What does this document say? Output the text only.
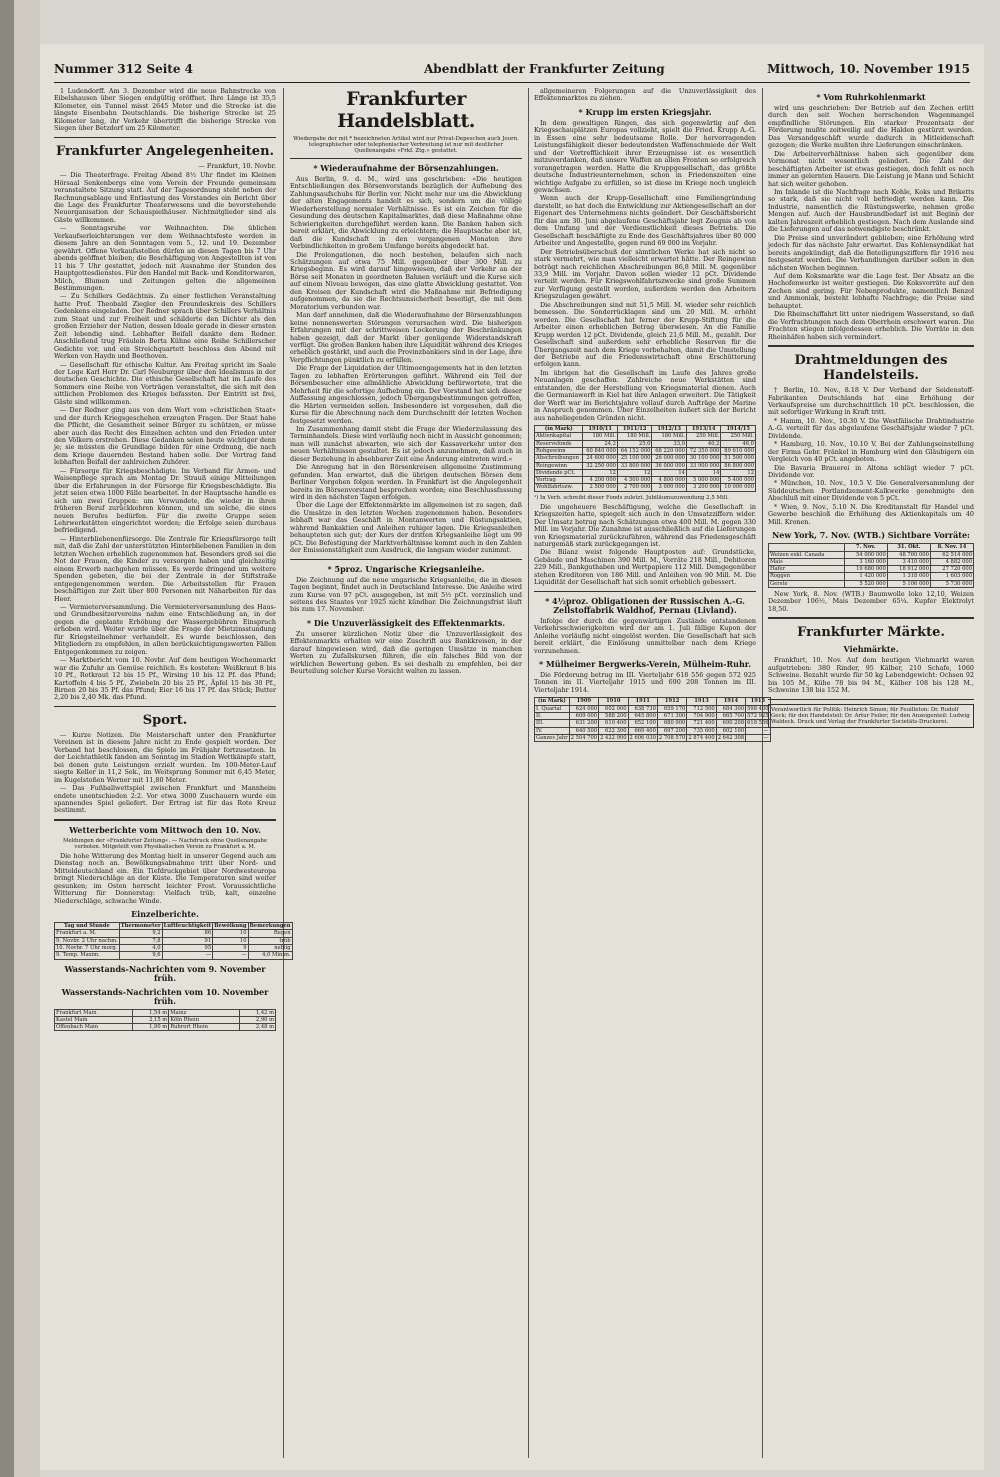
Nummer 312 Seite 4	Abendblatt der Frankfurter Zeitung	Mittwoch, 10. November 1915

1 Ludendorff. Am 3. Dezember wird die neue Bahnstrecke von Eibelshausen über Siegen endgültig eröffnet. Ihre Länge ist 35,5 Kilometer, ein Tunnel misst 2645 Meter und die Strecke ist die längste Eisenbahn Deutschlands. Die bisherige Strecke ist 25 Kilometer lang, ihr Verkehr übertrifft die bisherige Strecke von Siegen über Betzdorf um 25 Kilometer.

Frankfurter Angelegenheiten.
— Frankfurt, 10. Novbr.

— Die Theaterfrage. Freitag Abend 8½ Uhr findet im Kleinen Hörsaal Senkenbergs eine vom Verein der Freunde gemeinsam veranstaltete Sitzung statt. Auf der Tagesordnung steht neben der Rechnungsablage und Entlastung des Vorstandes ein Bericht über die Lage des Frankfurter Theaterwesens und die bevorstehende Neuorganisation der Schauspielhäuser. Nichtmitglieder sind als Gäste willkommen.

— Sonntagsruhe vor Weihnachten. Die üblichen Verkaufserleichterungen vor dem Weihnachtsfeste werden in diesem Jahre an den Sonntagen vom 5., 12. und 19. Dezember gewährt. Offene Verkaufsstellen dürfen an diesen Tagen bis 7 Uhr abends geöffnet bleiben; die Beschäftigung von Angestellten ist von 11 bis 7 Uhr gestattet, jedoch mit Ausnahme der Stunden des Hauptgottesdienstes. Für den Handel mit Back- und Konditorwaren, Milch, Blumen und Zeitungen gelten die allgemeinen Bestimmungen.

— Zu Schillers Gedächtnis. Zu einer festlichen Veranstaltung hatte Prof. Theobald Ziegler den Freundeskreis des Schillers Gedenkens eingeladen. Der Redner sprach über Schillers Verhältnis zum Staat und zur Freiheit und schilderte den Dichter als den großen Erzieher der Nation, dessen Ideale gerade in dieser ernsten Zeit lebendig sind. Lebhafter Beifall dankte dem Redner. Anschließend trug Fräulein Berta Kühne eine Reihe Schillerscher Gedichte vor, und ein Streichquartett beschloss den Abend mit Werken von Haydn und Beethoven.

— Gesellschaft für ethische Kultur. Am Freitag spricht im Saale der Loge Karl Herr Dr. Carl Neuburger über den Idealismus in der deutschen Geschichte. Die ethische Gesellschaft hat im Laufe des Sommers eine Reihe von Vorträgen veranstaltet, die sich mit den sittlichen Problemen des Krieges befassten. Der Eintritt ist frei, Gäste sind willkommen.

— Der Redner ging aus von dem Wort vom »christlichen Staat« und der durch Kriegsgeschehen erzeugten Fragen. Der Staat habe die Pflicht, die Gesamtheit seiner Bürger zu schützen, er müsse aber auch das Recht des Einzelnen achten und den Frieden unter den Völkern erstreben. Diese Gedanken seien heute wichtiger denn je; sie müssten die Grundlage bilden für eine Ordnung, die nach dem Kriege dauernden Bestand haben solle. Der Vortrag fand lebhaften Beifall der zahlreichen Zuhörer.

— Fürsorge für Kriegsbeschädigte. Im Verband für Armen- und Waisenpflege sprach am Montag Dr. Strauß einige Mitteilungen über die Erfahrungen in der Fürsorge für Kriegsbeschädigte. Bis jetzt seien etwa 1000 Fälle bearbeitet. In der Hauptsache handle es sich um zwei Gruppen: um Verwundete, die wieder in ihren früheren Beruf zurückkehren können, und um solche, die eines neuen Berufes bedürfen. Für die zweite Gruppe seien Lehrwerkstätten eingerichtet worden; die Erfolge seien durchaus befriedigend.

— Hinterbliebenenfürsorge. Die Zentrale für Kriegsfürsorge teilt mit, daß die Zahl der unterstützten Hinterbliebenen Familien in den letzten Wochen erheblich zugenommen hat. Besonders groß sei die Not der Frauen, die Kinder zu versorgen haben und gleichzeitig einem Erwerb nachgehen müssen. Es werde dringend um weitere Spenden gebeten, die bei der Zentrale in der Stiftstraße entgegengenommen werden. Die Arbeitsstellen für Frauen beschäftigen zur Zeit über 800 Personen mit Näharbeiten für das Heer.

— Vermieterversammlung. Die Vermieterversammlung des Haus- und Grundbesitzervereins nahm eine Entschließung an, in der gegen die geplante Erhöhung der Wassergebühren Einspruch erhoben wird. Weiter wurde über die Frage der Mietzinsstundung für Kriegsteilnehmer verhandelt. Es wurde beschlossen, den Mitgliedern zu empfehlen, in allen berücksichtigungswerten Fällen Entgegenkommen zu zeigen.

— Marktbericht vom 10. Novbr. Auf dem heutigen Wochenmarkt war die Zufuhr an Gemüse reichlich. Es kosteten: Weißkraut 8 bis 10 Pf., Rotkraut 12 bis 15 Pf., Wirsing 10 bis 12 Pf. das Pfund; Kartoffeln 4 bis 5 Pf., Zwiebeln 20 bis 25 Pf., Äpfel 15 bis 30 Pf., Birnen 20 bis 35 Pf. das Pfund; Eier 16 bis 17 Pf. das Stück; Butter 2,20 bis 2,40 Mk. das Pfund.

Sport.

— Kurze Notizen. Die Meisterschaft unter den Frankfurter Vereinen ist in diesem Jahre nicht zu Ende gespielt worden. Der Verband hat beschlossen, die Spiele im Frühjahr fortzusetzen. In der Leichtathletik fanden am Sonntag im Stadion Wettkämpfe statt, bei denen gute Leistungen erzielt wurden. Im 100-Meter-Lauf siegte Keller in 11,2 Sek., im Weitsprung Sommer mit 6,45 Meter, im Kugelstoßen Werner mit 11,80 Meter.

— Das Fußballwettspiel zwischen Frankfurt und Mannheim endete unentschieden 2:2. Vor etwa 3000 Zuschauern wurde ein spannendes Spiel geliefert. Der Ertrag ist für das Rote Kreuz bestimmt.

Wetterberichte vom Mittwoch den 10. Nov.
Meldungen der »Frankfurter Zeitung«. — Nachdruck ohne Quellenangabe verboten. Mitgeteilt vom Physikalischen Verein zu Frankfurt a. M.

Die hohe Witterung des Montag hielt in unserer Gegend auch am Dienstag noch an. Bewölkungsabnahme tritt über Nord- und Mitteldeutschland ein. Ein Tiefdruckgebiet über Nordwesteuropa bringt Niederschläge an der Küste. Die Temperaturen sind weiter gesunken; im Osten herrscht leichter Frost. Voraussichtliche Witterung für Donnerstag: Vielfach trüb, kalt, einzelne Niederschläge, schwache Winde.

Einzelberichte.
Tag und Stunde	Thermometer	Luftfeuchtigkeit	Bewölkung	Bemerkungen
Frankfurt a. M.	9,2	86	10	Regen
9. Novbr. 2 Uhr nachm.	7,8	91	10	trüb
10. Novbr. 7 Uhr morg.	4,0	95	9	neblig
9. Temp. Maxim.	9,6	—	—	4,0 Minim.
Wasserstands-Nachrichten vom 9. November früh.
Wasserstands-Nachrichten vom 10. November früh.
Frankfurt Main	1,54 m	Mainz	1,42 m
Kastel Main	2,15 m	Köln Rhein	2,90 m
Offenbach Main	1,90 m	Ruhrort Rhein	2,48 m
Frankfurter Handelsblatt.
Wiedergabe der mit * bezeichneten Artikel wird nur Privat-Depeschen auch Journ. telegraphischer oder telephonischer Verbreitung ist nur mit deutlicher Quellenangabe »Frkf. Ztg.« gestattet.
* Wiederaufnahme der Börsenzahlungen.

Aus Berlin, 9. d. M., wird uns geschrieben: »Die heutigen Entschließungen des Börsenvorstands bezüglich der Aufhebung des Zahlungsaufschubs für Berlin vor. Nicht mehr nur um die Abwicklung der alten Engagements handelt es sich, sondern um die völlige Wiederherstellung normaler Verhältnisse. Es ist ein Zeichen für die Gesundung des deutschen Kapitalmarktes, daß diese Maßnahme ohne Schwierigkeiten durchgeführt werden kann. Die Banken haben sich bereit erklärt, die Abwicklung zu erleichtern; die Hauptsache aber ist, daß die Kundschaft in den vergangenen Monaten ihre Verbindlichkeiten in großem Umfange bereits abgedeckt hat.

Die Prolongationen, die noch bestehen, belaufen sich nach Schätzungen auf etwa 75 Mill. gegenüber über 300 Mill. zu Kriegsbeginn. Es wird darauf hingewiesen, daß der Verkehr an der Börse seit Monaten in geordneten Bahnen verläuft und die Kurse sich auf einem Niveau bewegen, das eine glatte Abwicklung gestattet. Von den Kreisen der Kundschaft wird die Maßnahme mit Befriedigung aufgenommen, da sie die Rechtsunsicherheit beseitigt, die mit dem Moratorium verbunden war.

Man darf annehmen, daß die Wiederaufnahme der Börsenzahlungen keine nennenswerten Störungen verursachen wird. Die bisherigen Erfahrungen mit der schrittweisen Lockerung der Beschränkungen haben gezeigt, daß der Markt über genügende Widerstandskraft verfügt. Die großen Banken haben ihre Liquidität während des Krieges erheblich gestärkt, und auch die Provinzbankiers sind in der Lage, ihre Verpflichtungen pünktlich zu erfüllen.

Die Frage der Liquidation der Ultimoengagements hat in den letzten Tagen zu lebhaften Erörterungen geführt. Während ein Teil der Börsenbesucher eine allmähliche Abwicklung befürwortete, trat die Mehrheit für die sofortige Aufhebung ein. Der Vorstand hat sich dieser Auffassung angeschlossen, jedoch Übergangsbestimmungen getroffen, die Härten vermeiden sollen. Insbesondere ist vorgesehen, daß die Kurse für die Abrechnung nach dem Durchschnitt der letzten Wochen festgesetzt werden.

Im Zusammenhang damit steht die Frage der Wiederzulassung des Terminhandels. Diese wird vorläufig noch nicht in Aussicht genommen; man will zunächst abwarten, wie sich der Kassaverkehr unter den neuen Verhältnissen gestaltet. Es ist jedoch anzunehmen, daß auch in dieser Beziehung in absehbarer Zeit eine Änderung eintreten wird.«

Die Anregung hat in den Börsenkreisen allgemeine Zustimmung gefunden. Man erwartet, daß die übrigen deutschen Börsen dem Berliner Vorgehen folgen werden. In Frankfurt ist die Angelegenheit bereits im Börsenvorstand besprochen worden; eine Beschlussfassung wird in den nächsten Tagen erfolgen.

Über die Lage der Effektenmärkte im allgemeinen ist zu sagen, daß die Umsätze in den letzten Wochen zugenommen haben. Besonders lebhaft war das Geschäft in Montanwerten und Rüstungsaktien, während Bankaktien und Anleihen ruhiger lagen. Die Kriegsanleihen behaupteten sich gut; der Kurs der dritten Kriegsanleihe liegt um 99 pCt. Die Befestigung der Marktverhältnisse kommt auch in den Zahlen der Emissionstätigkeit zum Ausdruck, die langsam wieder zunimmt.

* 5proz. Ungarische Kriegsanleihe.

Die Zeichnung auf die neue ungarische Kriegsanleihe, die in diesen Tagen beginnt, findet auch in Deutschland Interesse. Die Anleihe wird zum Kurse von 97 pCt. ausgegeben, ist mit 5½ pCt. verzinslich und seitens des Staates vor 1925 nicht kündbar. Die Zeichnungsfrist läuft bis zum 17. November.

* Die Unzuverlässigkeit des Effektenmarkts.

Zu unserer kürzlichen Notiz über die Unzuverlässigkeit des Effektenmarkts erhalten wir eine Zuschrift aus Bankkreisen, in der darauf hingewiesen wird, daß die geringen Umsätze in manchen Werten zu Zufallskursen führen, die ein falsches Bild von der wirklichen Bewertung geben. Es sei deshalb zu empfehlen, bei der Beurteilung solcher Kurse Vorsicht walten zu lassen.

allgemeineren Folgerungen auf die Unzuverlässigkeit des Effektenmarktes zu ziehen.

* Krupp im ersten Kriegsjahr.

In dem gewaltigen Ringen, das sich gegenwärtig auf den Kriegsschauplätzen Europas vollzieht, spielt die Fried. Krupp A.-G. in Essen eine sehr bedeutsame Rolle. Der hervorragenden Leistungsfähigkeit dieser bedeutendsten Waffenschmiede der Welt und der Vortrefflichkeit ihrer Erzeugnisse ist es wesentlich mitzuverdanken, daß unsere Waffen an allen Fronten so erfolgreich vorangetragen werden. Hatte die Kruppgesellschaft, das größte deutsche Industrieunternehmen, schon in Friedenszeiten eine wichtige Aufgabe zu erfüllen, so ist diese im Kriege noch ungleich gewachsen.

Wenn auch der Krupp-Gesellschaft eine Familiengründung darstellt, so hat doch die Entwicklung zur Aktiengesellschaft an der Eigenart des Unternehmens nichts geändert. Der Geschäftsbericht für das am 30. Juni abgelaufene Geschäftsjahr legt Zeugnis ab von dem Umfang und der Verdienstlichkeit dieses Betriebs. Die Gesellschaft beschäftigte zu Ende des Geschäftsjahres über 80 000 Arbeiter und Angestellte, gegen rund 69 000 im Vorjahr.

Der Betriebsüberschuß der sämtlichen Werke hat sich nicht so stark vermehrt, wie man vielleicht erwartet hätte. Der Reingewinn beträgt nach reichlichen Abschreibungen 86,8 Mill. M. gegenüber 33,9 Mill. im Vorjahr. Davon sollen wieder 12 pCt. Dividende verteilt werden. Für Kriegswohlfahrtszwecke sind große Summen zur Verfügung gestellt worden, außerdem werden den Arbeitern Kriegszulagen gewährt.

Die Abschreibungen sind mit 51,5 Mill. M. wieder sehr reichlich bemessen. Die Sonderrücklagen sind um 20 Mill. M. erhöht worden. Die Gesellschaft hat ferner der Krupp-Stiftung für die Arbeiter einen erheblichen Betrag überwiesen. An die Familie Krupp werden 12 pCt. Dividende, gleich 21,6 Mill. M., gezahlt. Der Gesellschaft sind außerdem sehr erhebliche Reserven für die Übergangszeit nach dem Kriege vorbehalten, damit die Umstellung der Betriebe auf die Friedenswirtschaft ohne Erschütterung erfolgen kann.

Im übrigen hat die Gesellschaft im Laufe des Jahres große Neuanlagen geschaffen. Zahlreiche neue Werkstätten sind entstanden, die der Herstellung von Kriegsmaterial dienen. Auch die Germaniawerft in Kiel hat ihre Anlagen erweitert. Die Tätigkeit der Werft war im Berichtsjahre vollauf durch Aufträge der Marine in Anspruch genommen. Über Einzelheiten äußert sich der Bericht aus naheliegenden Gründen nicht.

(in Mark)	1910/11	1911/12	1912/13	1913/14	1914/15
Aktienkapital	180 Mill.	180 Mill.	180 Mill.	250 Mill.	250 Mill.
Reservefonds	24,2	25,0	33,0	40,2	46,0
Rohgewinn	60 840 000	64 152 000	68 220 000	72 350 000	89 610 000
Abschreibungen	24 600 000	25 100 000	26 000 000	30 100 000	51 500 000
Reingewinn	32 250 000	33 800 000	36 000 000	33 900 000	86 800 000
Dividende pCt.	12	12	14	14	12
Vortrag	4 200 000	4 500 000	4 800 000	5 000 000	5 400 000
Wohlfahrtszw.	2 500 000	2 700 000	3 000 000	3 200 000	10 000 000
¹) In Verb. schreibt dieser Fonds zuletzt. Jubiläumszuwendung 2,5 Mill.

Die ungeheuere Beschäftigung, welche die Gesellschaft in Kriegszeiten hatte, spiegelt sich auch in den Umsatzziffern wider. Der Umsatz betrug nach Schätzungen etwa 400 Mill. M. gegen 330 Mill. im Vorjahr. Die Zunahme ist ausschließlich auf die Lieferungen von Kriegsmaterial zurückzuführen, während das Friedensgeschäft naturgemäß stark zurückgegangen ist.

Die Bilanz weist folgende Hauptposten auf: Grundstücke, Gebäude und Maschinen 390 Mill. M., Vorräte 218 Mill., Debitoren 229 Mill., Bankguthaben und Wertpapiere 112 Mill. Demgegenüber stehen Kreditoren von 186 Mill. und Anleihen von 90 Mill. M. Die Liquidität der Gesellschaft hat sich somit erheblich gebessert.

* 4½proz. Obligationen der Russischen A.-G. Zellstoffabrik Waldhof, Pernau (Livland).

Infolge der durch die gegenwärtigen Zustände entstandenen Verkehrsschwierigkeiten wird der am 1. Juli fällige Kupon der Anleihe vorläufig nicht eingelöst werden. Die Gesellschaft hat sich bereit erklärt, die Einlösung unmittelbar nach dem Kriege vorzunehmen.

* Mülheimer Bergwerks-Verein, Mülheim-Ruhr.

Die Förderung betrug im III. Vierteljahr 618 556 gegen 572 925 Tonnen im II. Vierteljahr 1915 und 690 208 Tonnen im III. Vierteljahr 1914.

(in Mark)	1909	1910	1911	1912	1913	1914	1915
I. Quartal	624 000	602 000	638 730	659 170	712 500	684 300	598 400
II.	609 000	588 200	645 800	671 300	704 900	665 700	572 925
III.	631 200	610 400	652 100	680 900	721 400	690 208	618 556
IV.	640 500	622 300	669 400	697 200	735 600	602 100	—
Ganzes Jahr	2 504 700	2 422 900	2 606 030	2 708 570	2 874 400	2 642 308	—
* Vom Ruhrkohlenmarkt

wird uns geschrieben: Der Betrieb auf den Zechen erlitt durch den seit Wochen herrschenden Wagenmangel empfindliche Störungen. Ein starker Prozentsatz der Förderung mußte zeitweilig auf die Halden gestürzt werden. Das Versandgeschäft wurde dadurch in Mitleidenschaft gezogen; die Werke mußten ihre Lieferungen einschränken.

Die Arbeiterverhältnisse haben sich gegenüber dem Vormonat nicht wesentlich geändert. Die Zahl der beschäftigten Arbeiter ist etwas gestiegen, doch fehlt es noch immer an gelernten Hauern. Die Leistung je Mann und Schicht hat sich weiter gehoben.

Im Inlande ist die Nachfrage nach Kohle, Koks und Briketts so stark, daß sie nicht voll befriedigt werden kann. Die Industrie, namentlich die Rüstungswerke, nehmen große Mengen auf. Auch der Hausbrandbedarf ist mit Beginn der kalten Jahreszeit erheblich gestiegen. Nach dem Auslande sind die Lieferungen auf das notwendigste beschränkt.

Die Preise sind unverändert geblieben; eine Erhöhung wird jedoch für das nächste Jahr erwartet. Das Kohlensyndikat hat bereits angekündigt, daß die Beteiligungsziffern für 1916 neu festgesetzt werden. Die Verhandlungen darüber sollen in den nächsten Wochen beginnen.

Auf dem Koksmarkte war die Lage fest. Der Absatz an die Hochofenwerke ist weiter gestiegen. Die Koksvorräte auf den Zechen sind gering. Für Nebenprodukte, namentlich Benzol und Ammoniak, besteht lebhafte Nachfrage; die Preise sind behauptet.

Die Rheinschiffahrt litt unter niedrigem Wasserstand, so daß die Verfrachtungen nach dem Oberrhein erschwert waren. Die Frachten stiegen infolgedessen erheblich. Die Vorräte in den Rheinhäfen haben sich vermindert.

Drahtmeldungen des Handelsteils.

† Berlin, 10. Nov., 8.18 V. Der Verband der Seidenstoff-Fabrikanten Deutschlands hat eine Erhöhung der Verkaufspreise um durchschnittlich 10 pCt. beschlossen, die mit sofortiger Wirkung in Kraft tritt.

* Hamm, 10. Nov., 10.30 V. Die Westfälische Drahtindustrie A.-G. verteilt für das abgelaufene Geschäftsjahr wieder 7 pCt. Dividende.

* Hamburg, 10. Nov., 10.10 V. Bei der Zahlungseinstellung der Firma Gebr. Fränkel in Hamburg wird den Gläubigern ein Vergleich von 40 pCt. angeboten.

Die Bavaria Brauerei in Altona schlägt wieder 7 pCt. Dividende vor.

* München, 10. Nov., 10.5 V. Die Generalversammlung der Süddeutschen Portlandzement-Kalkwerke genehmigte den Abschluß mit einer Dividende von 5 pCt.

* Wien, 9. Nov., 5.10 N. Die Kreditanstalt für Handel und Gewerbe beschloß die Erhöhung des Aktienkapitals um 40 Mill. Kronen.

New York, 7. Nov. (WTB.) Sichtbare Vorräte:
	7. Nov.	31. Okt.	8. Nov. 14
Weizen exkl. Canada	54 000 000	48 760 000	62 514 000
Mais	3 160 000	3 410 000	4 882 000
Hafer	19 680 000	18 912 000	27 720 000
Roggen	1 420 000	1 318 000	1 603 000
Gerste	5 520 000	5 106 000	5 730 000

New York, 8. Nov. (WTB.) Baumwolle loko 12,10, Weizen Dezember 106½, Mais Dezember 65¼. Kupfer Elektrolyt 18,50.

Frankfurter Märkte.
Viehmärkte.

Frankfurt, 10. Nov. Auf dem heutigen Viehmarkt waren aufgetrieben: 380 Rinder, 95 Kälber, 210 Schafe, 1060 Schweine. Bezahlt wurde für 50 kg Lebendgewicht: Ochsen 92 bis 105 M., Kühe 78 bis 94 M., Kälber 108 bis 128 M., Schweine 138 bis 152 M.

Verantwortlich für Politik: Heinrich Simon; für Feuilleton: Dr. Rudolf Geck; für den Handelsteil: Dr. Artur Feiler; für den Anzeigenteil: Ludwig Waldeck. Druck und Verlag der Frankfurter Societäts-Druckerei.
